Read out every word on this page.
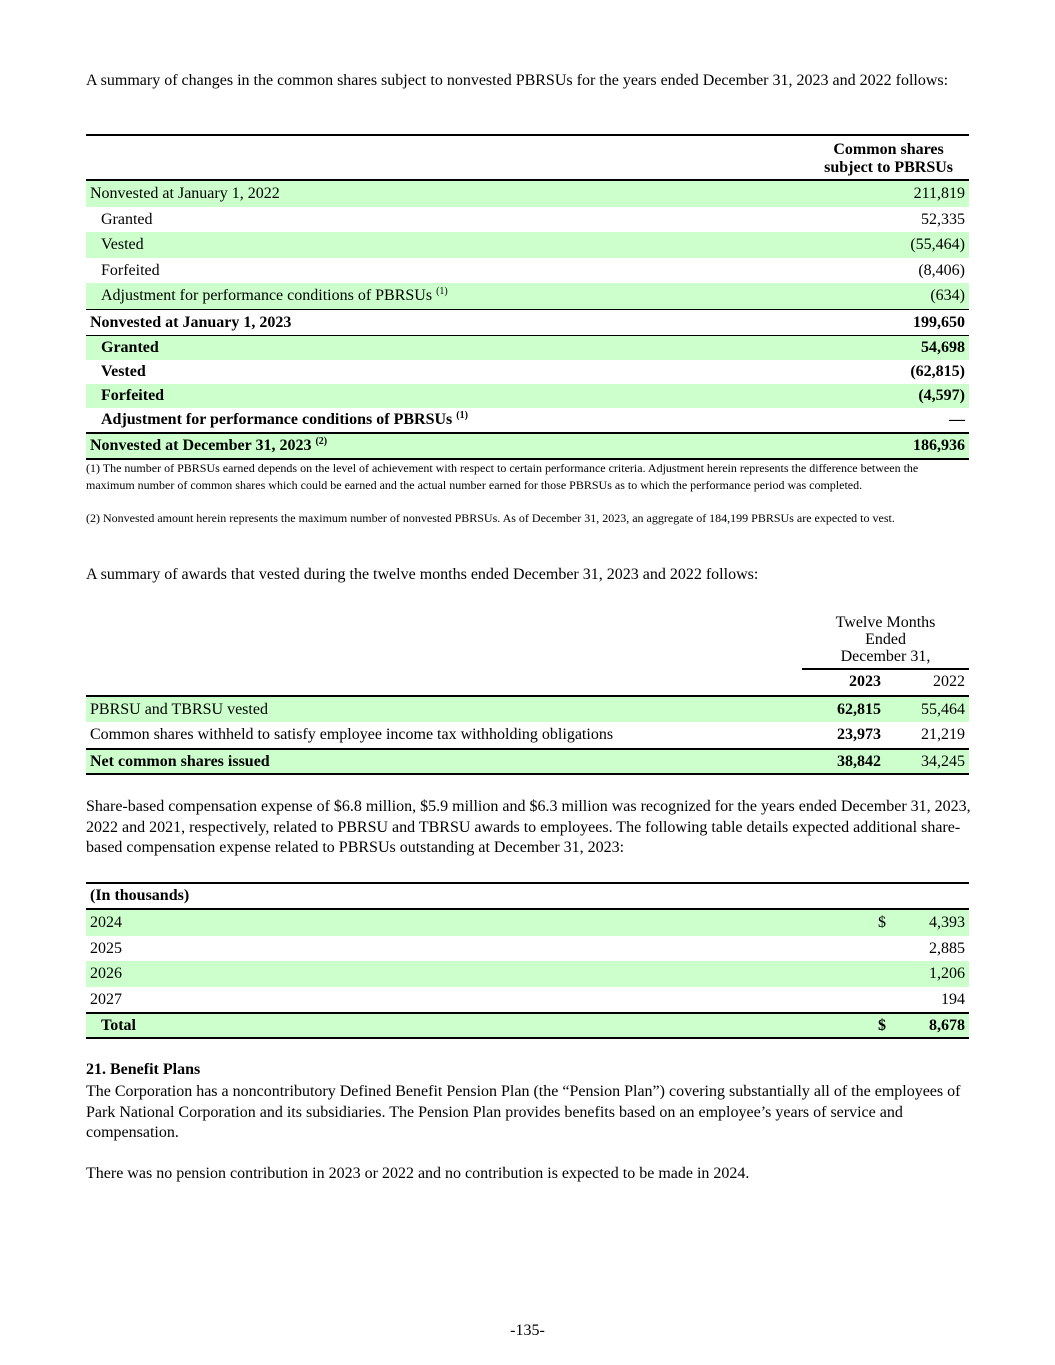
A summary of changes in the common shares subject to nonvested PBRSUs for the years ended December 31, 2023 and 2022 follows:
Common shares
subject to PBRSUs
Nonvested at January 1, 2022	211,819
Granted	52,335
Vested	(55,464)
Forfeited	(8,406)
Adjustment for performance conditions of PBRSUs $^{(1)}$	(634)
Nonvested at January 1, 2023	199,650
Granted	54,698
Vested	(62,815)
Forfeited	(4,597)
Adjustment for performance conditions of PBRSUs $^{(1)}$	—
Nonvested at December 31, 2023 $^{(2)}$	186,936
(1) The number of PBRSUs earned depends on the level of achievement with respect to certain performance criteria. Adjustment herein represents the difference between the maximum number of common shares which could be earned and the actual number earned for those PBRSUs as to which the performance period was completed.
(2) Nonvested amount herein represents the maximum number of nonvested PBRSUs. As of December 31, 2023, an aggregate of 184,199 PBRSUs are expected to vest.
A summary of awards that vested during the twelve months ended December 31, 2023 and 2022 follows:
Twelve Months
Ended
December 31,
2023	2022
PBRSU and TBRSU vested	62,815	55,464
Common shares withheld to satisfy employee income tax withholding obligations	23,973	21,219
Net common shares issued	38,842	34,245
Share-based compensation expense of $6.8 million, $5.9 million and $6.3 million was recognized for the years ended December 31, 2023, 2022 and 2021, respectively, related to PBRSU and TBRSU awards to employees. The following table details expected additional share-based compensation expense related to PBRSUs outstanding at December 31, 2023:
(In thousands)
2024	$	4,393
2025	2,885
2026	1,206
2027	194
Total	$	8,678
21. Benefit Plans
The Corporation has a noncontributory Defined Benefit Pension Plan (the “Pension Plan”) covering substantially all of the employees of Park National Corporation and its subsidiaries. The Pension Plan provides benefits based on an employee’s years of service and compensation.
There was no pension contribution in 2023 or 2022 and no contribution is expected to be made in 2024.
-135-
